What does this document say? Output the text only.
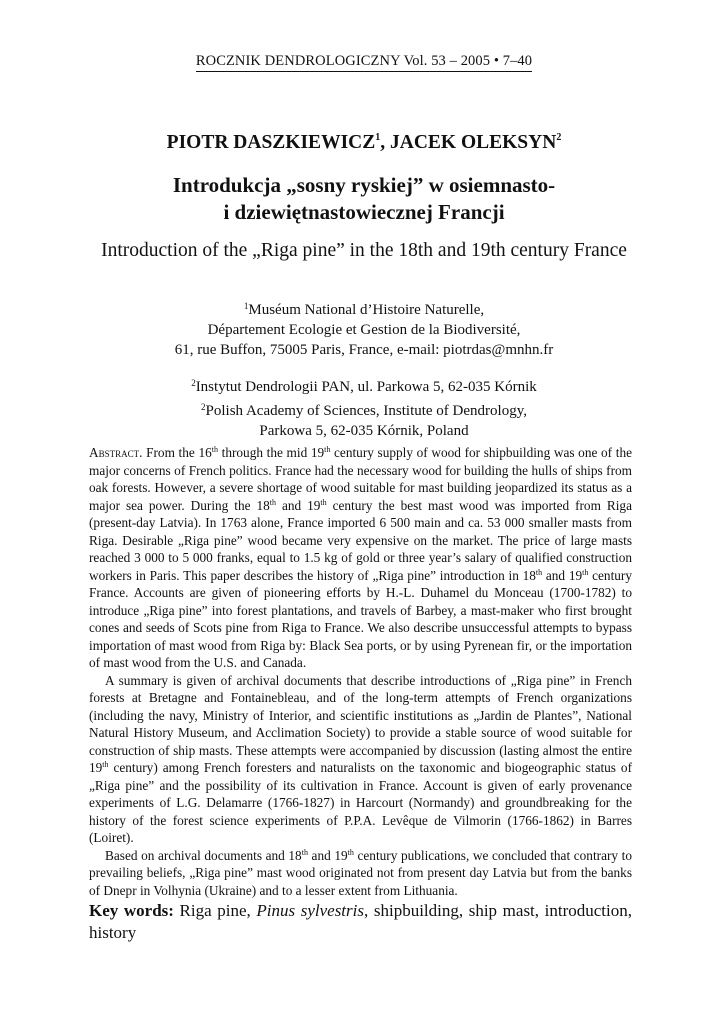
ROCZNIK DENDROLOGICZNY Vol. 53 – 2005 • 7–40
PIOTR DASZKIEWICZ$^1$, JACEK OLEKSYN$^2$
Introdukcja „sosny ryskiej” w osiemnasto-
i dziewiętnastowiecznej Francji
Introduction of the „Riga pine” in the 18th and 19th century France
$^1$Muséum National d’Histoire Naturelle,
Département Ecologie et Gestion de la Biodiversité,
61, rue Buffon, 75005 Paris, France, e-mail: piotrdas@mnhn.fr
$^2$Instytut Dendrologii PAN, ul. Parkowa 5, 62-035 Kórnik
$^2$Polish Academy of Sciences, Institute of Dendrology,
Parkowa 5, 62-035 Kórnik, Poland

Abstract. From the 16th through the mid 19th century supply of wood for shipbuilding was one of the major concerns of French politics. France had the necessary wood for building the hulls of ships from oak forests. However, a severe shortage of wood suitable for mast building jeopardized its status as a major sea power. During the 18th and 19th century the best mast wood was imported from Riga (present-day Latvia). In 1763 alone, France imported 6 500 main and ca. 53 000 smaller masts from Riga. Desirable „Riga pine” wood became very expensive on the market. The price of large masts reached 3 000 to 5 000 franks, equal to 1.5 kg of gold or three year’s salary of qualified construction workers in Paris. This paper describes the history of „Riga pine” introduction in 18th and 19th century France. Accounts are given of pioneering efforts by H.-L. Duhamel du Monceau (1700-1782) to introduce „Riga pine” into forest plantations, and travels of Barbey, a mast-maker who first brought cones and seeds of Scots pine from Riga to France. We also describe unsuccessful attempts to bypass importation of mast wood from Riga by: Black Sea ports, or by using Pyrenean fir, or the importation of mast wood from the U.S. and Canada.

A summary is given of archival documents that describe introductions of „Riga pine” in French forests at Bretagne and Fontainebleau, and of the long-term attempts of French organizations (including the navy, Ministry of Interior, and scientific institutions as „Jardin de Plantes”, National Natural History Museum, and Acclimation Society) to provide a stable source of wood suitable for construction of ship masts. These attempts were accompanied by discussion (lasting almost the entire 19th century) among French foresters and naturalists on the taxonomic and biogeographic status of „Riga pine” and the possibility of its cultivation in France. Account is given of early provenance experiments of L.G. Delamarre (1766-1827) in Harcourt (Normandy) and groundbreaking for the history of the forest science experiments of P.P.A. Levêque de Vilmorin (1766-1862) in Barres (Loiret).

Based on archival documents and 18th and 19th century publications, we concluded that contrary to prevailing beliefs, „Riga pine” mast wood originated not from present day Latvia but from the banks of Dnepr in Volhynia (Ukraine) and to a lesser extent from Lithuania.

Key words: Riga pine, Pinus sylvestris, shipbuilding, ship mast, introduction, history
